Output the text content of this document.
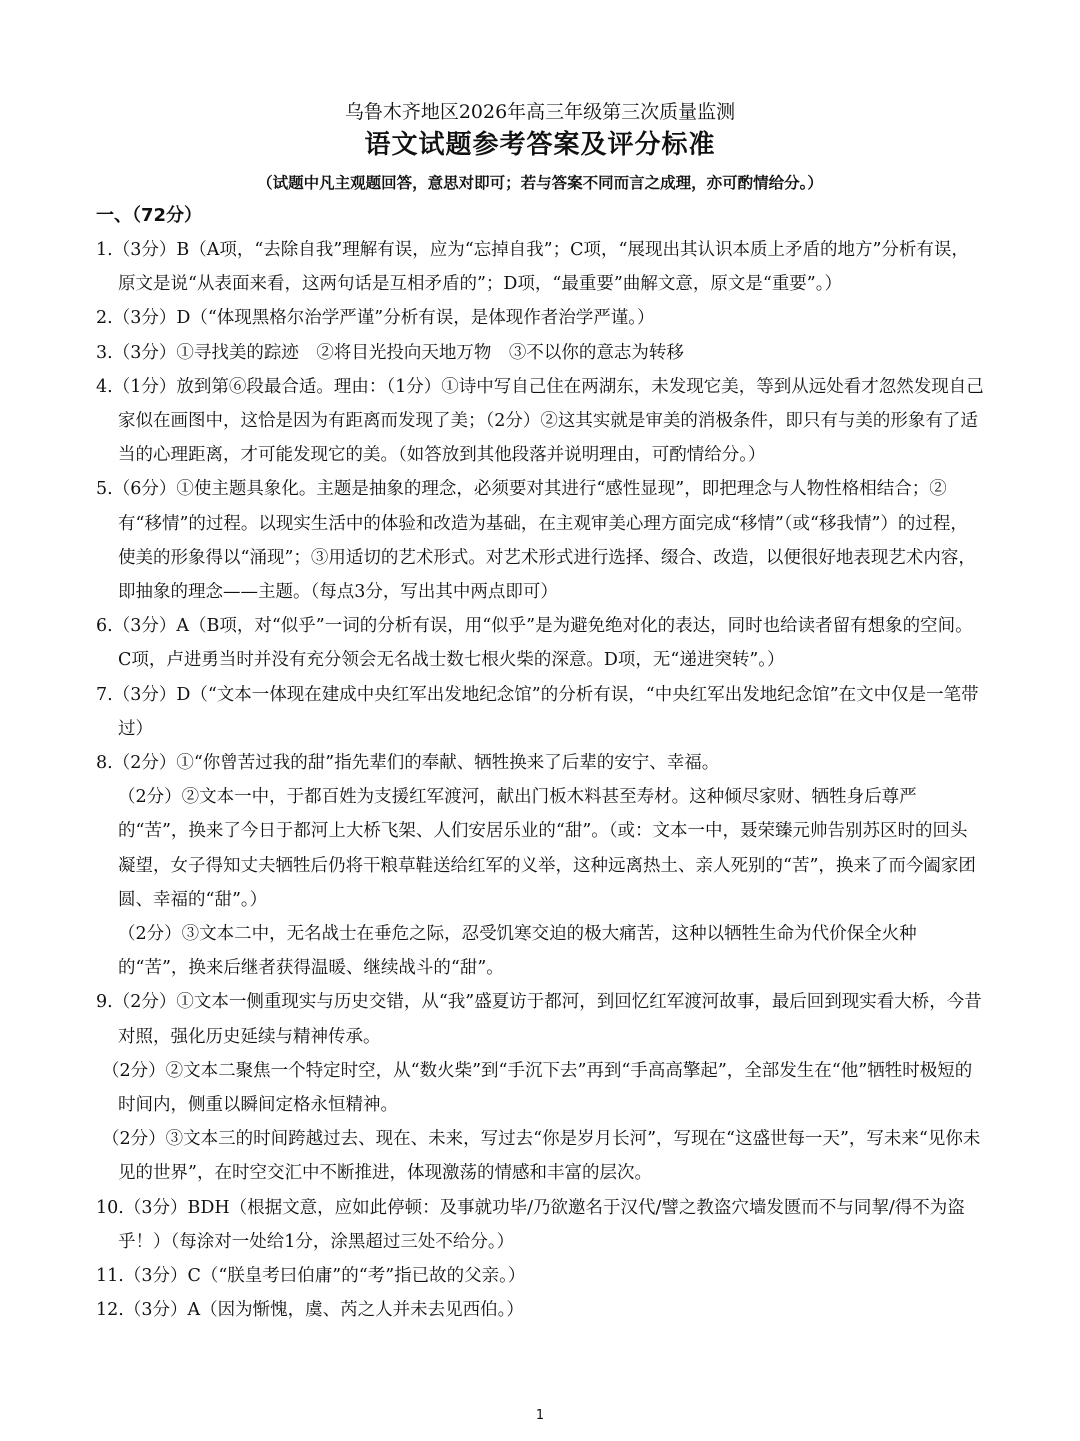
乌鲁木齐地区2026年高三年级第三次质量监测
语文试题参考答案及评分标准
（试题中凡主观题回答，意思对即可；若与答案不同而言之成理，亦可酌情给分。）
一、（72分）

1.（3分）B（A项，“去除自我”理解有误，应为“忘掉自我”；C项，“展现出其认识本质上矛盾的地方”分析有误，原文是说“从表面来看，这两句话是互相矛盾的”；D项，“最重要”曲解文意，原文是“重要”。）

2.（3分）D（“体现黑格尔治学严谨”分析有误，是体现作者治学严谨。）

3.（3分）①寻找美的踪迹　②将目光投向天地万物　③不以你的意志为转移

4.（1分）放到第⑥段最合适。理由：（1分）①诗中写自己住在两湖东，未发现它美，等到从远处看才忽然发现自己家似在画图中，这恰是因为有距离而发现了美；（2分）②这其实就是审美的消极条件，即只有与美的形象有了适当的心理距离，才可能发现它的美。（如答放到其他段落并说明理由，可酌情给分。）

5.（6分）①使主题具象化。主题是抽象的理念，必须要对其进行“感性显现”，即把理念与人物性格相结合；②有“移情”的过程。以现实生活中的体验和改造为基础，在主观审美心理方面完成“移情”（或“移我情”）的过程，使美的形象得以“涌现”；③用适切的艺术形式。对艺术形式进行选择、缀合、改造，以便很好地表现艺术内容，即抽象的理念——主题。（每点3分，写出其中两点即可）

6.（3分）A（B项，对“似乎”一词的分析有误，用“似乎”是为避免绝对化的表达，同时也给读者留有想象的空间。C项，卢进勇当时并没有充分领会无名战士数七根火柴的深意。D项，无“递进突转”。）

7.（3分）D（“文本一体现在建成中央红军出发地纪念馆”的分析有误，“中央红军出发地纪念馆”在文中仅是一笔带过）

8.（2分）①“你曾苦过我的甜”指先辈们的奉献、牺牲换来了后辈的安宁、幸福。

（2分）②文本一中，于都百姓为支援红军渡河，献出门板木料甚至寿材。这种倾尽家财、牺牲身后尊严的“苦”，换来了今日于都河上大桥飞架、人们安居乐业的“甜”。（或：文本一中，聂荣臻元帅告别苏区时的回头凝望，女子得知丈夫牺牲后仍将干粮草鞋送给红军的义举，这种远离热土、亲人死别的“苦”，换来了而今阖家团圆、幸福的“甜”。）

（2分）③文本二中，无名战士在垂危之际，忍受饥寒交迫的极大痛苦，这种以牺牲生命为代价保全火种的“苦”，换来后继者获得温暖、继续战斗的“甜”。

9.（2分）①文本一侧重现实与历史交错，从“我”盛夏访于都河，到回忆红军渡河故事，最后回到现实看大桥，今昔对照，强化历史延续与精神传承。

（2分）②文本二聚焦一个特定时空，从“数火柴”到“手沉下去”再到“手高高擎起”，全部发生在“他”牺牲时极短的时间内，侧重以瞬间定格永恒精神。

（2分）③文本三的时间跨越过去、现在、未来，写过去“你是岁月长河”，写现在“这盛世每一天”，写未来“见你未见的世界”，在时空交汇中不断推进，体现激荡的情感和丰富的层次。

10.（3分）BDH（根据文意，应如此停顿：及事就功毕/乃欲邀名于汉代/譬之教盗穴墙发匮而不与同挈/得不为盗乎！）（每涂对一处给1分，涂黑超过三处不给分。）

11.（3分）C（“朕皇考曰伯庸”的“考”指已故的父亲。）

12.（3分）A（因为惭愧，虞、芮之人并未去见西伯。）

1
